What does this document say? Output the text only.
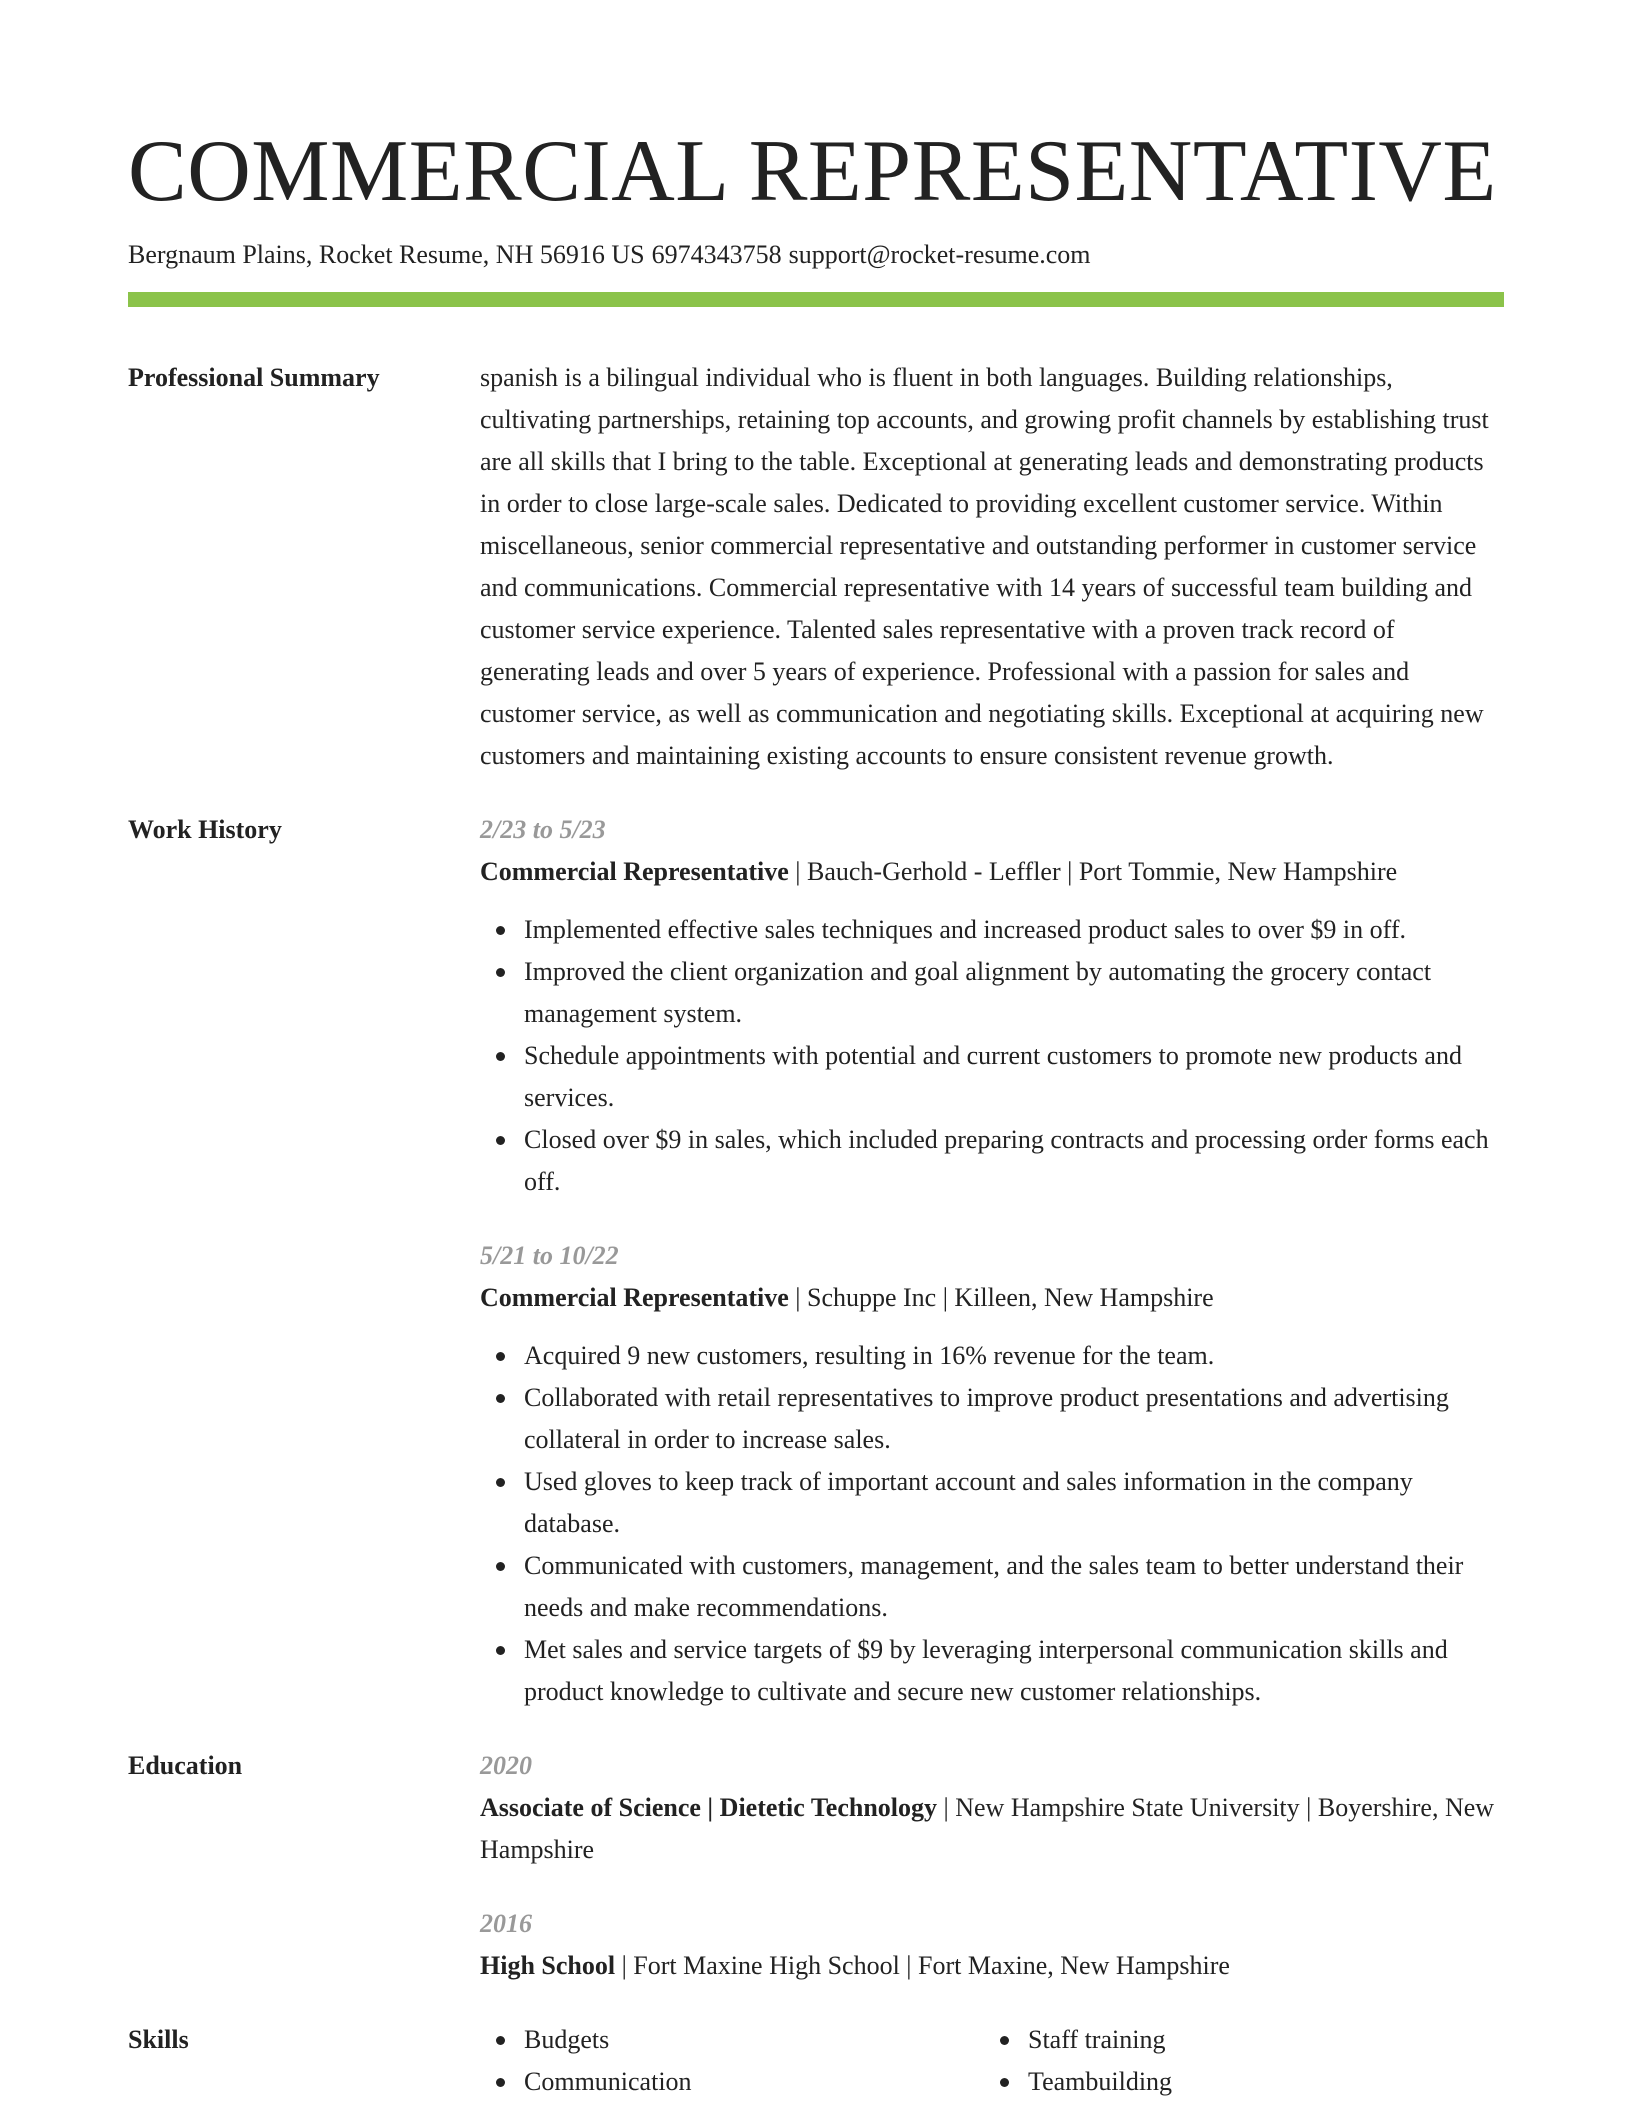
COMMERCIAL REPRESENTATIVE
Bergnaum Plains, Rocket Resume, NH 56916 US 6974343758 support@rocket-resume.com
Professional Summary	spanish is a bilingual individual who is fluent in both languages. Building relationships, cultivating partnerships, retaining top accounts, and growing profit channels by establishing trust are all skills that I bring to the table. Exceptional at generating leads and demonstrating products in order to close large-scale sales. Dedicated to providing excellent customer service. Within miscellaneous, senior commercial representative and outstanding performer in customer service and communications. Commercial representative with 14 years of successful team building and customer service experience. Talented sales representative with a proven track record of generating leads and over 5 years of experience. Professional with a passion for sales and customer service, as well as communication and negotiating skills. Exceptional at acquiring new customers and maintaining existing accounts to ensure consistent revenue growth.

Work History	2/23 to 5/23
Commercial Representative | Bauch-Gerhold - Leffler | Port Tommie, New Hampshire
Implemented effective sales techniques and increased product sales to over $9 in off.
Improved the client organization and goal alignment by automating the grocery contact management system.
Schedule appointments with potential and current customers to promote new products and services.
Closed over $9 in sales, which included preparing contracts and processing order forms each off.
5/21 to 10/22
Commercial Representative | Schuppe Inc | Killeen, New Hampshire
Acquired 9 new customers, resulting in 16% revenue for the team.
Collaborated with retail representatives to improve product presentations and advertising collateral in order to increase sales.
Used gloves to keep track of important account and sales information in the company database.
Communicated with customers, management, and the sales team to better understand their needs and make recommendations.
Met sales and service targets of $9 by leveraging interpersonal communication skills and product knowledge to cultivate and secure new customer relationships.
Education	2020
Associate of Science | Dietetic Technology | New Hampshire State University | Boyershire, New Hampshire
2016
High School | Fort Maxine High School | Fort Maxine, New Hampshire
Skills	Budgets
Communication
Staff training
Teambuilding
